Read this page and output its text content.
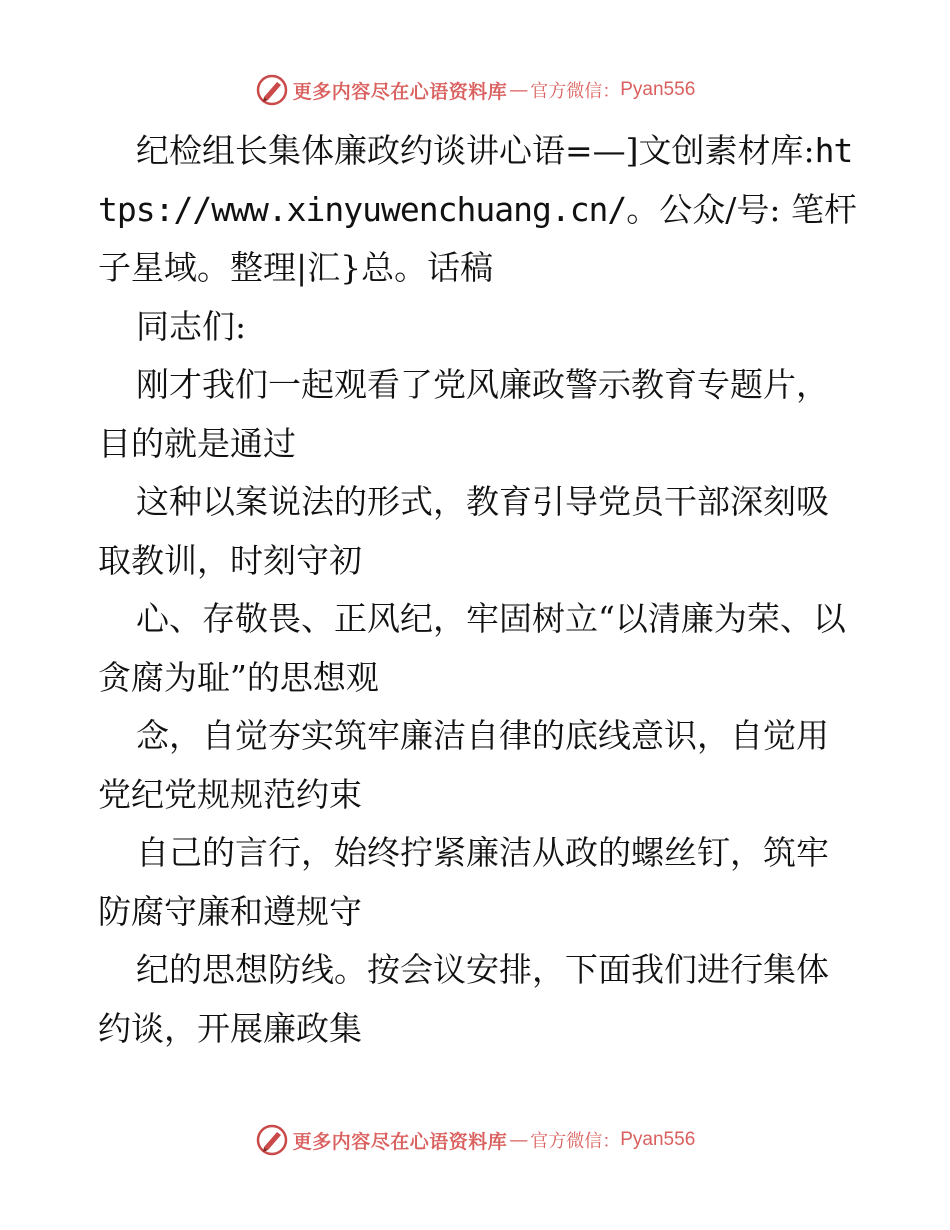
更多内容尽在心语资料库 — 官方微信： Pyan556

纪检组长集体廉政约谈讲心语=—]文创素材库:https://www.xinyuwenchuang.cn/。公众/号: 笔杆子星域。整理|汇}总。话稿

同志们:

刚才我们一起观看了党风廉政警示教育专题片，目的就是通过

这种以案说法的形式，教育引导党员干部深刻吸取教训，时刻守初

心、存敬畏、正风纪，牢固树立“以清廉为荣、以贪腐为耻”的思想观

念，自觉夯实筑牢廉洁自律的底线意识，自觉用党纪党规规范约束

自己的言行，始终拧紧廉洁从政的螺丝钉，筑牢防腐守廉和遵规守

纪的思想防线。按会议安排，下面我们进行集体约谈，开展廉政集

更多内容尽在心语资料库 — 官方微信： Pyan556
